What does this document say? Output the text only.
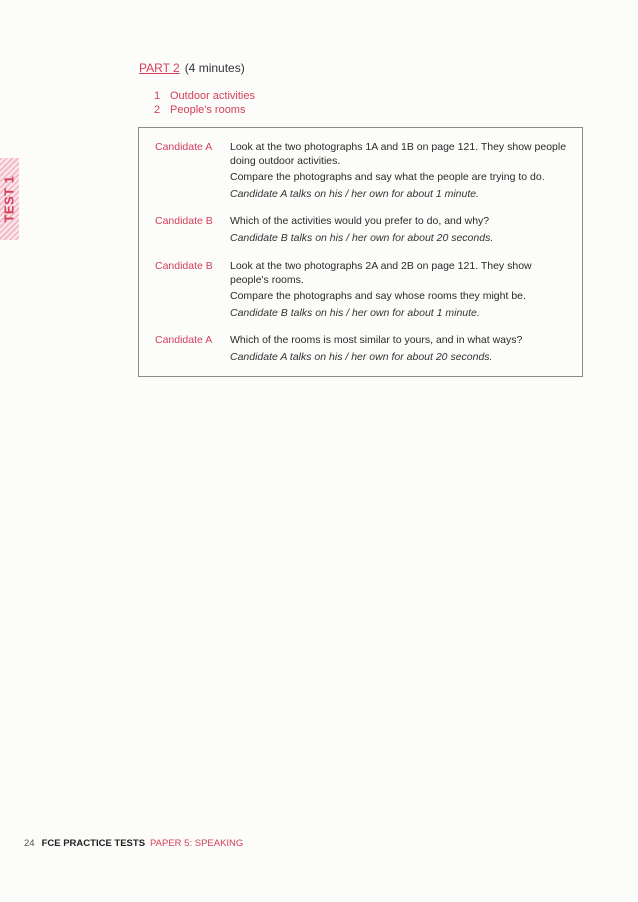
TEST 1
PART 2 (4 minutes)
1 Outdoor activities
2 People's rooms
Candidate A Look at the two photographs 1A and 1B on page 121. They show people doing outdoor activities.

Compare the photographs and say what the people are trying to do.

Candidate A talks on his / her own for about 1 minute.

Candidate B Which of the activities would you prefer to do, and why?

Candidate B talks on his / her own for about 20 seconds.

Candidate B Look at the two photographs 2A and 2B on page 121. They show people's rooms.

Compare the photographs and say whose rooms they might be.

Candidate B talks on his / her own for about 1 minute.

Candidate A Which of the rooms is most similar to yours, and in what ways?

Candidate A talks on his / her own for about 20 seconds.

24 FCE PRACTICE TESTS PAPER 5: SPEAKING
